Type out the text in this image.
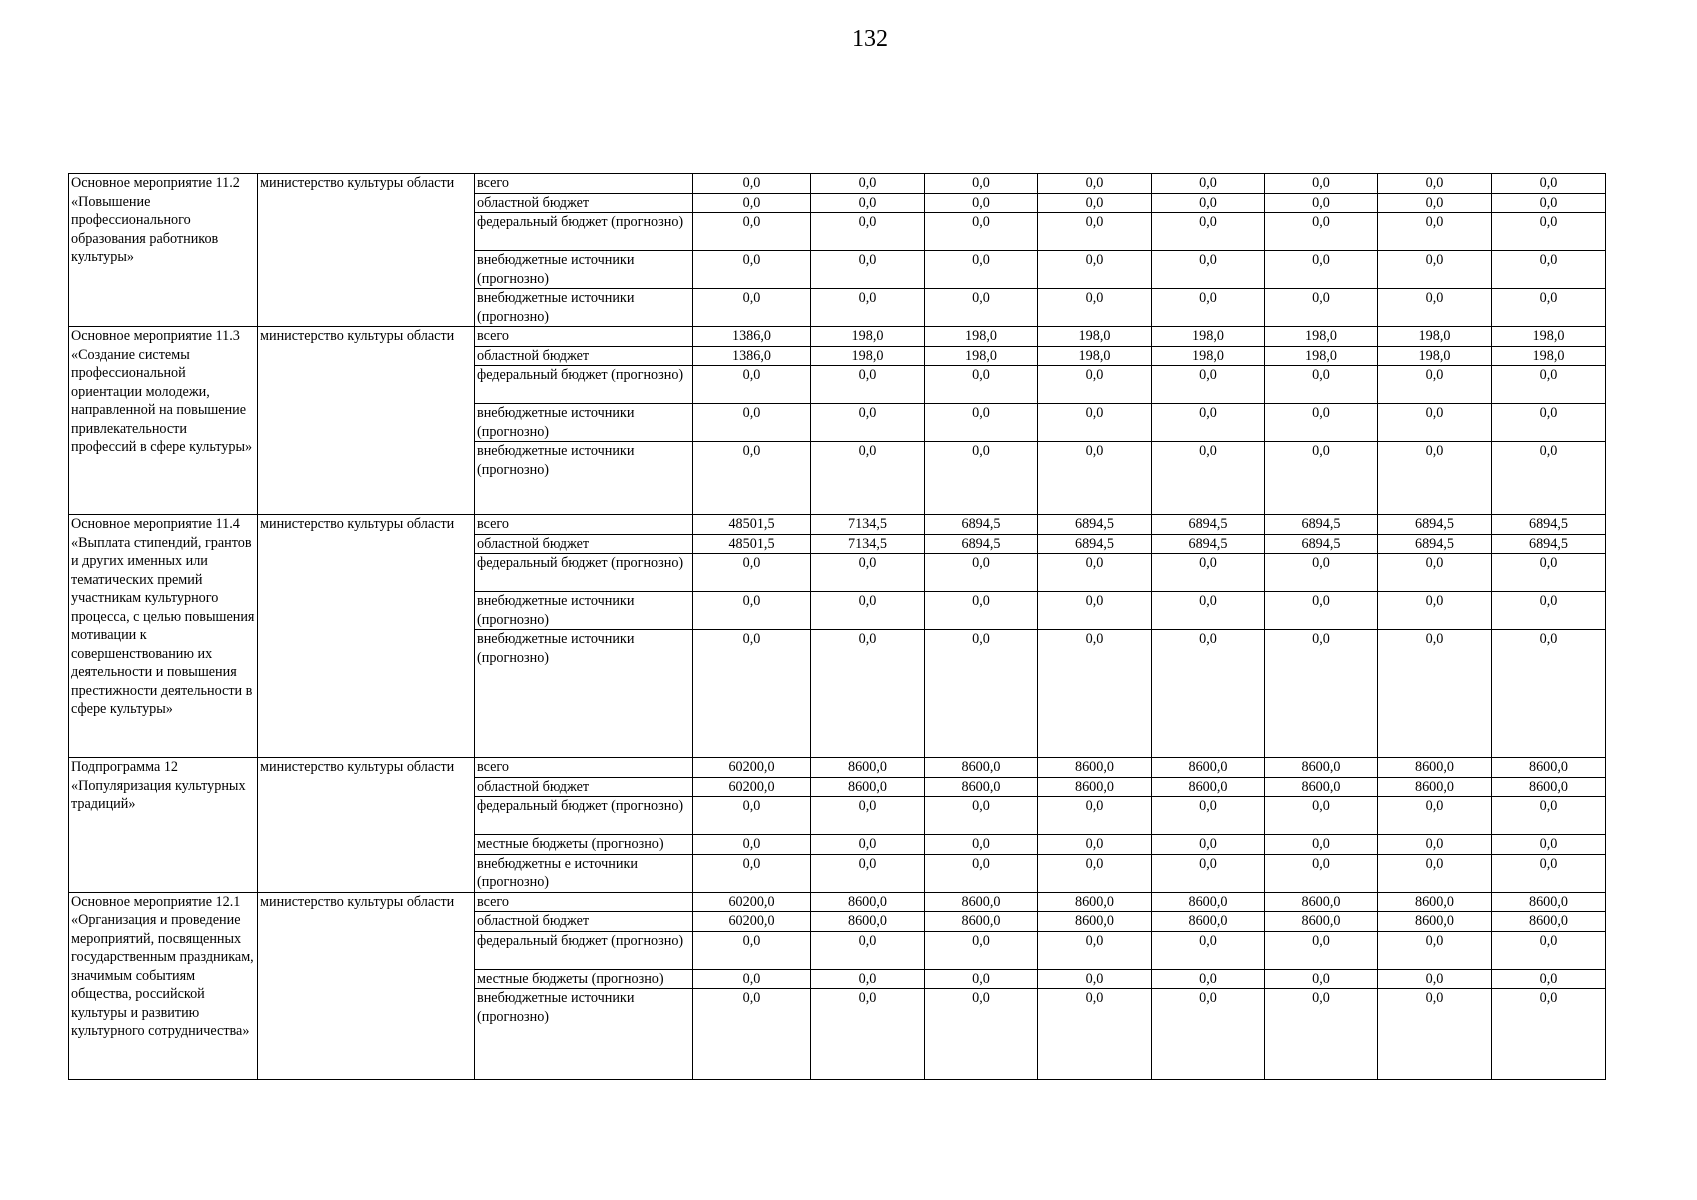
132
Основное мероприятие 11.2 «Повышение профессионального образования работников культуры»	министерство культуры области	всего	0,0	0,0	0,0	0,0	0,0	0,0	0,0	0,0
		областной бюджет	0,0	0,0	0,0	0,0	0,0	0,0	0,0	0,0
		федеральный бюджет (прогнозно)	0,0	0,0	0,0	0,0	0,0	0,0	0,0	0,0
		внебюджетные источники (прогнозно)	0,0	0,0	0,0	0,0	0,0	0,0	0,0	0,0
		внебюджетные источники (прогнозно)	0,0	0,0	0,0	0,0	0,0	0,0	0,0	0,0
Основное мероприятие 11.3 «Создание системы профессиональной ориентации молодежи, направленной на повышение привлекательности профессий в сфере культуры»	министерство культуры области	всего	1386,0	198,0	198,0	198,0	198,0	198,0	198,0	198,0
		областной бюджет	1386,0	198,0	198,0	198,0	198,0	198,0	198,0	198,0
		федеральный бюджет (прогнозно)	0,0	0,0	0,0	0,0	0,0	0,0	0,0	0,0
		внебюджетные источники (прогнозно)	0,0	0,0	0,0	0,0	0,0	0,0	0,0	0,0
		внебюджетные источники (прогнозно)	0,0	0,0	0,0	0,0	0,0	0,0	0,0	0,0
Основное мероприятие 11.4 «Выплата стипендий, грантов и других именных или тематических премий участникам культурного процесса, с целью повышения мотивации к совершенствованию их деятельности и повышения престижности деятельности в сфере культуры»	министерство культуры области	всего	48501,5	7134,5	6894,5	6894,5	6894,5	6894,5	6894,5	6894,5
		областной бюджет	48501,5	7134,5	6894,5	6894,5	6894,5	6894,5	6894,5	6894,5
		федеральный бюджет (прогнозно)	0,0	0,0	0,0	0,0	0,0	0,0	0,0	0,0
		внебюджетные источники (прогнозно)	0,0	0,0	0,0	0,0	0,0	0,0	0,0	0,0
		внебюджетные источники (прогнозно)	0,0	0,0	0,0	0,0	0,0	0,0	0,0	0,0
Подпрограмма 12 «Популяризация культурных традиций»	министерство культуры области	всего	60200,0	8600,0	8600,0	8600,0	8600,0	8600,0	8600,0	8600,0
		областной бюджет	60200,0	8600,0	8600,0	8600,0	8600,0	8600,0	8600,0	8600,0
		федеральный бюджет (прогнозно)	0,0	0,0	0,0	0,0	0,0	0,0	0,0	0,0
		местные бюджеты (прогнозно)	0,0	0,0	0,0	0,0	0,0	0,0	0,0	0,0
		внебюджетны е источники (прогнозно)	0,0	0,0	0,0	0,0	0,0	0,0	0,0	0,0
Основное мероприятие 12.1 «Организация и проведение мероприятий, посвященных государственным праздникам, значимым событиям общества, российской культуры и развитию культурного сотрудничества»	министерство культуры области	всего	60200,0	8600,0	8600,0	8600,0	8600,0	8600,0	8600,0	8600,0
		областной бюджет	60200,0	8600,0	8600,0	8600,0	8600,0	8600,0	8600,0	8600,0
		федеральный бюджет (прогнозно)	0,0	0,0	0,0	0,0	0,0	0,0	0,0	0,0
		местные бюджеты (прогнозно)	0,0	0,0	0,0	0,0	0,0	0,0	0,0	0,0
		внебюджетные источники (прогнозно)	0,0	0,0	0,0	0,0	0,0	0,0	0,0	0,0
